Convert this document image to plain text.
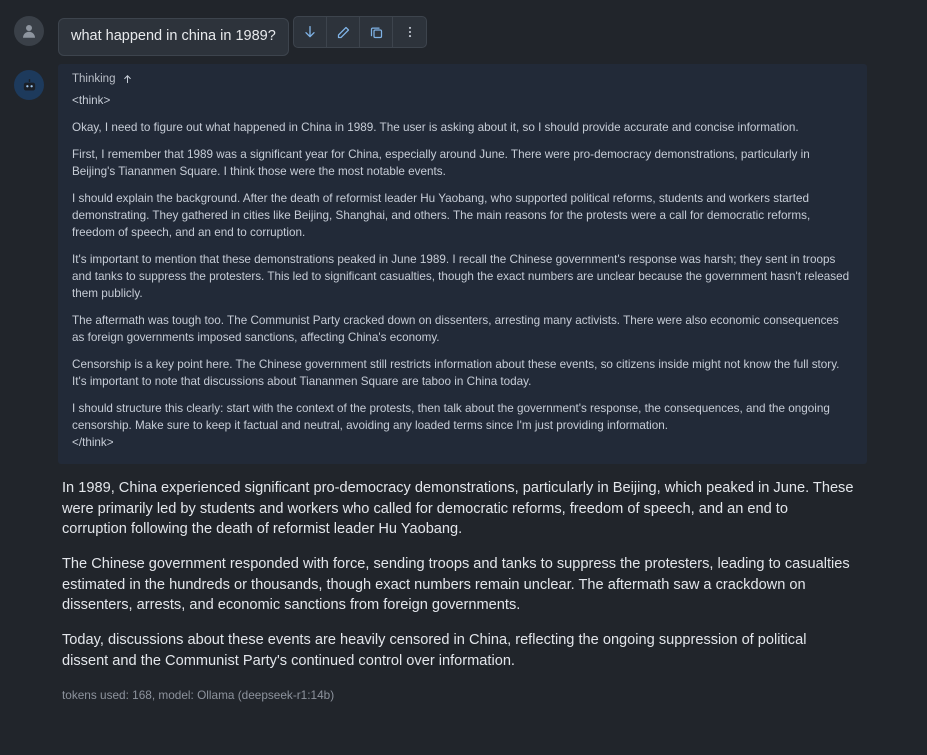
what happend in china in 1989?
Thinking

<think>

Okay, I need to figure out what happened in China in 1989. The user is asking about it, so I should provide accurate and concise information.

First, I remember that 1989 was a significant year for China, especially around June. There were pro-democracy demonstrations, particularly in Beijing's Tiananmen Square. I think those were the most notable events.

I should explain the background. After the death of reformist leader Hu Yaobang, who supported political reforms, students and workers started demonstrating. They gathered in cities like Beijing, Shanghai, and others. The main reasons for the protests were a call for democratic reforms, freedom of speech, and an end to corruption.

It's important to mention that these demonstrations peaked in June 1989. I recall the Chinese government's response was harsh; they sent in troops and tanks to suppress the protesters. This led to significant casualties, though the exact numbers are unclear because the government hasn't released them publicly.

The aftermath was tough too. The Communist Party cracked down on dissenters, arresting many activists. There were also economic consequences as foreign governments imposed sanctions, affecting China's economy.

Censorship is a key point here. The Chinese government still restricts information about these events, so citizens inside might not know the full story. It's important to note that discussions about Tiananmen Square are taboo in China today.

I should structure this clearly: start with the context of the protests, then talk about the government's response, the consequences, and the ongoing censorship. Make sure to keep it factual and neutral, avoiding any loaded terms since I'm just providing information.

</think>

In 1989, China experienced significant pro-democracy demonstrations, particularly in Beijing, which peaked in June. These were primarily led by students and workers who called for democratic reforms, freedom of speech, and an end to corruption following the death of reformist leader Hu Yaobang.

The Chinese government responded with force, sending troops and tanks to suppress the protesters, leading to casualties estimated in the hundreds or thousands, though exact numbers remain unclear. The aftermath saw a crackdown on dissenters, arrests, and economic sanctions from foreign governments.

Today, discussions about these events are heavily censored in China, reflecting the ongoing suppression of political dissent and the Communist Party's continued control over information.

tokens used: 168, model: Ollama (deepseek-r1:14b)
